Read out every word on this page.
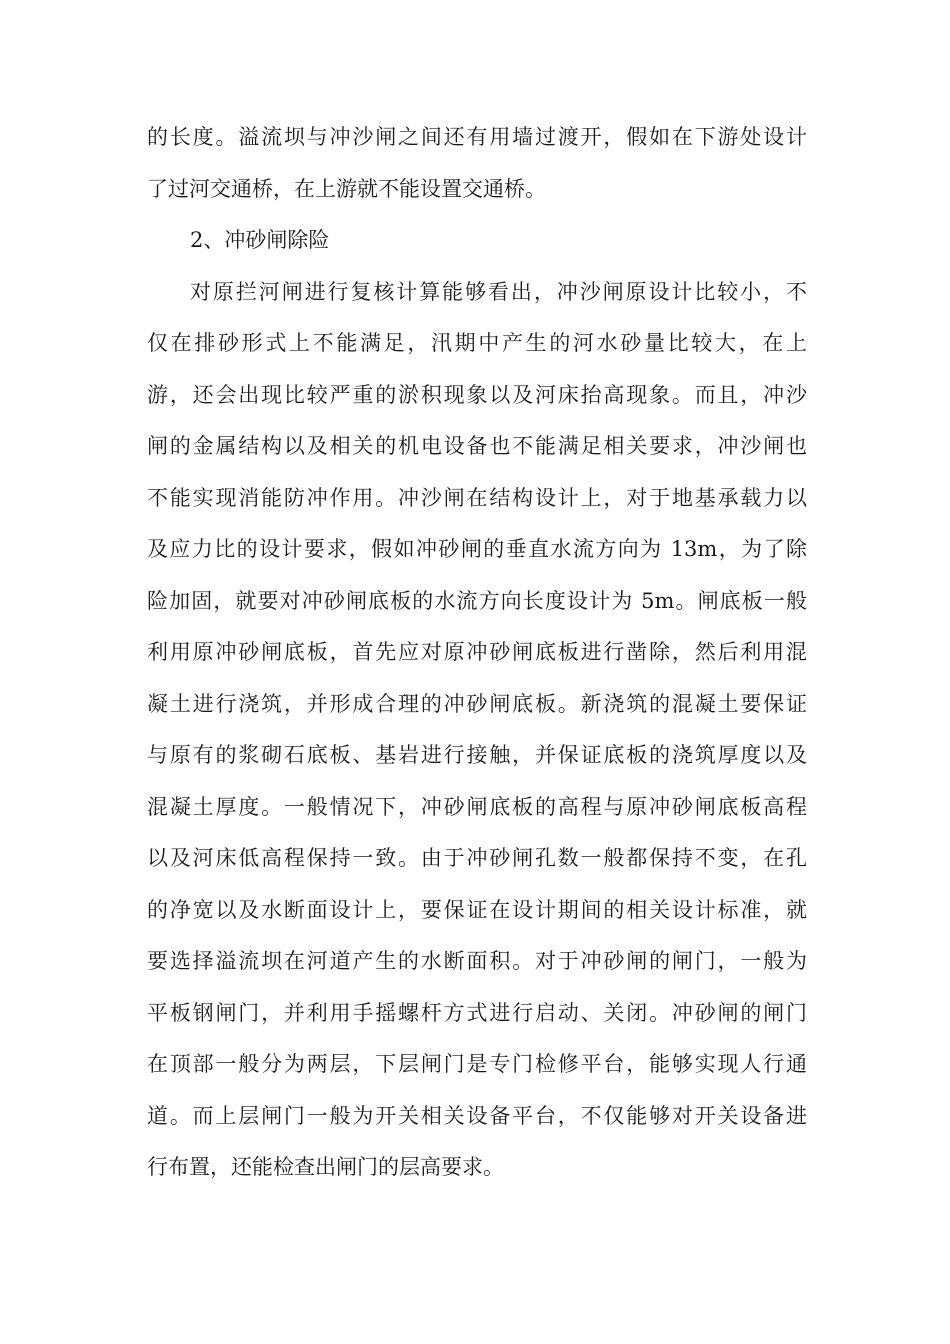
的长度。溢流坝与冲沙闸之间还有用墙过渡开，假如在下游处设计
了过河交通桥，在上游就不能设置交通桥。
2、冲砂闸除险
对原拦河闸进行复核计算能够看出，冲沙闸原设计比较小，不
仅在排砂形式上不能满足，汛期中产生的河水砂量比较大，在上
游，还会出现比较严重的淤积现象以及河床抬高现象。而且，冲沙
闸的金属结构以及相关的机电设备也不能满足相关要求，冲沙闸也
不能实现消能防冲作用。冲沙闸在结构设计上，对于地基承载力以
及应力比的设计要求，假如冲砂闸的垂直水流方向为 13m，为了除
险加固，就要对冲砂闸底板的水流方向长度设计为 5m。闸底板一般
利用原冲砂闸底板，首先应对原冲砂闸底板进行凿除，然后利用混
凝土进行浇筑，并形成合理的冲砂闸底板。新浇筑的混凝土要保证
与原有的浆砌石底板、基岩进行接触，并保证底板的浇筑厚度以及
混凝土厚度。一般情况下，冲砂闸底板的高程与原冲砂闸底板高程
以及河床低高程保持一致。由于冲砂闸孔数一般都保持不变，在孔
的净宽以及水断面设计上，要保证在设计期间的相关设计标准，就
要选择溢流坝在河道产生的水断面积。对于冲砂闸的闸门，一般为
平板钢闸门，并利用手摇螺杆方式进行启动、关闭。冲砂闸的闸门
在顶部一般分为两层，下层闸门是专门检修平台，能够实现人行通
道。而上层闸门一般为开关相关设备平台，不仅能够对开关设备进
行布置，还能检查出闸门的层高要求。
